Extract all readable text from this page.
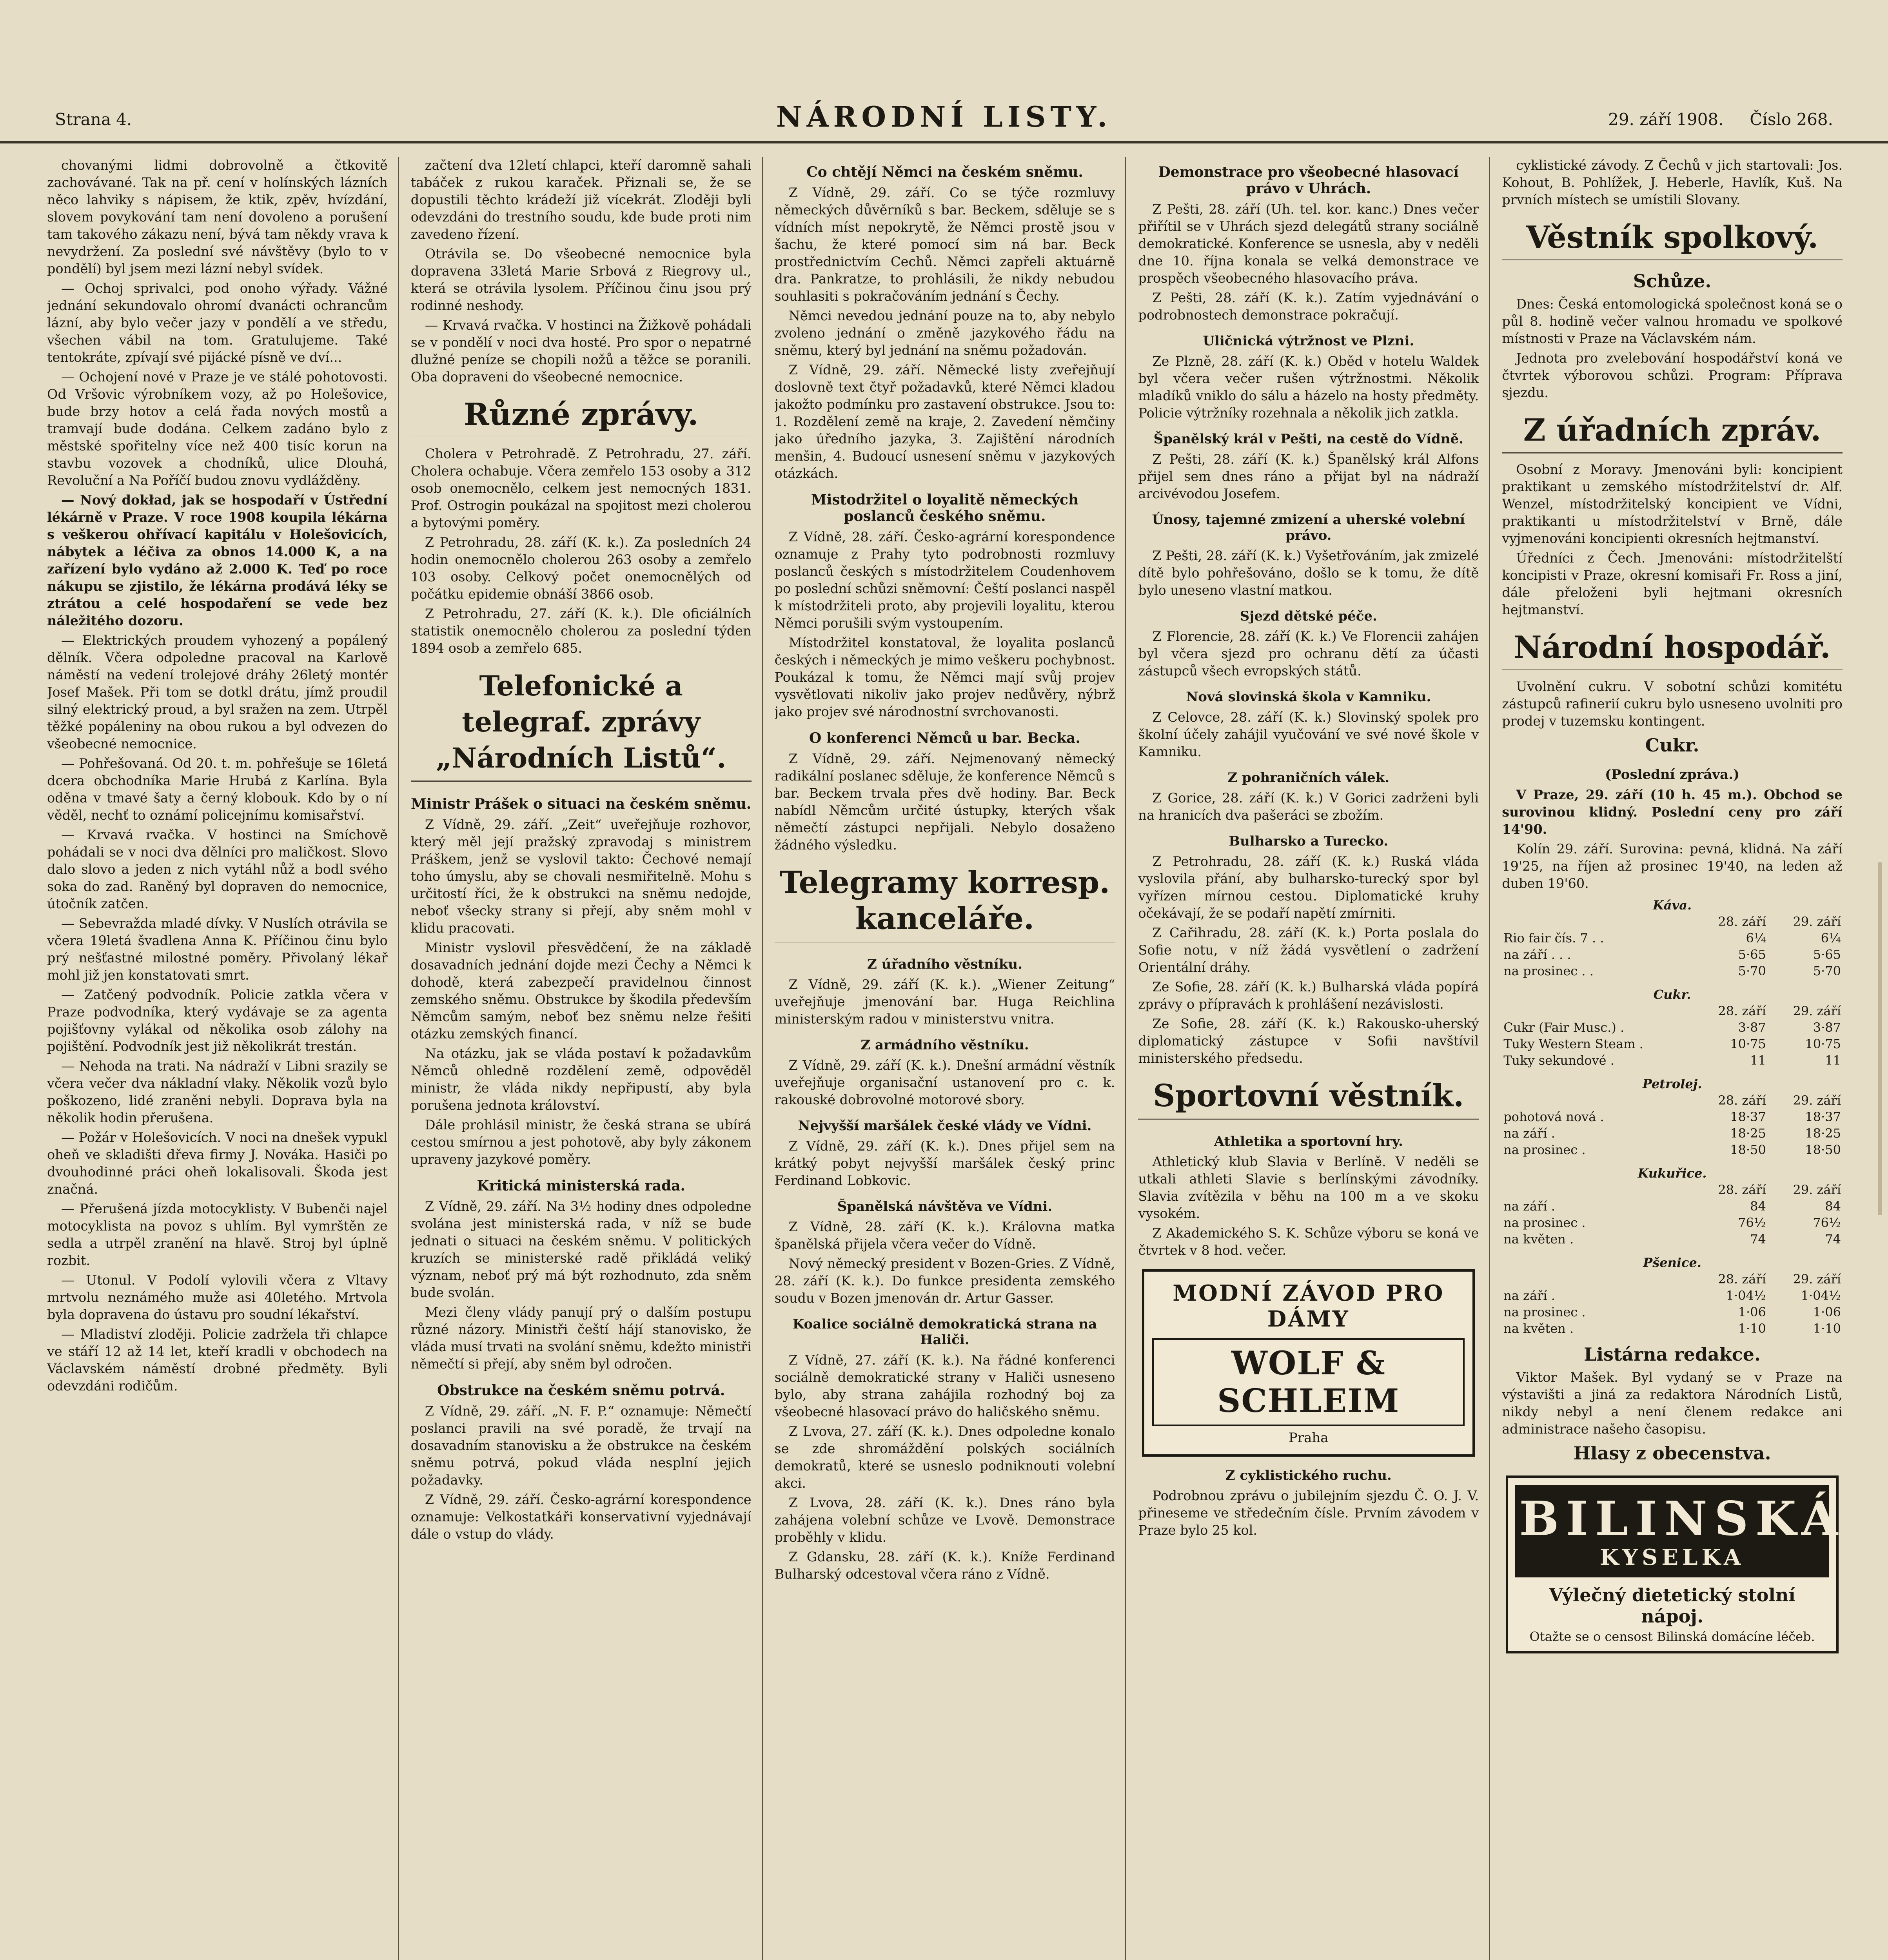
Strana 4.	NÁRODNÍ LISTY.	29. září 1908. Číslo 268.

chovanými lidmi dobrovolně a čtkovitě zachovávané. Tak na př. cení v holínských lázních něco lahviky s nápisem, že ktik, zpěv, hvízdání, slovem povykování tam není dovoleno a porušení tam takového zákazu není, bývá tam někdy vrava k nevydržení. Za poslední své návštěvy (bylo to v pondělí) byl jsem mezi lázní nebyl svídek.

— Ochoj sprivalci, pod onoho výřady. Vážné jednání sekundovalo ohromí dvanácti ochrancům lázní, aby bylo večer jazy v pondělí a ve středu, všechen vábil na tom. Gratulujeme. Také tentokráte, zpívají své pijácké písně ve dví...

— Ochojení nové v Praze je ve stálé pohotovosti. Od Vršovic výrobníkem vozy, až po Holešovice, bude brzy hotov a celá řada nových mostů a tramvají bude dodána. Celkem zadáno bylo z městské spořitelny více než 400 tisíc korun na stavbu vozovek a chodníků, ulice Dlouhá, Revoluční a Na Poříčí budou znovu vydlážděny.

— Nový dokład, jak se hospodaří v Ústřední lékárně v Praze. V roce 1908 koupila lékárna s veškerou ohřívací kapitálu v Holešovicích, nábytek a léčiva za obnos 14.000 K, a na zařízení bylo vydáno až 2.000 K. Teď po roce nákupu se zjistilo, že lékárna prodává léky se ztrátou a celé hospodaření se vede bez náležitého dozoru.

— Elektrických proudem vyhozený a popálený dělník. Včera odpoledne pracoval na Karlově náměstí na vedení trolejové dráhy 26letý montér Josef Mašek. Při tom se dotkl drátu, jímž proudil silný elektrický proud, a byl sražen na zem. Utrpěl těžké popáleniny na obou rukou a byl odvezen do všeobecné nemocnice.

— Pohřešovaná. Od 20. t. m. pohřešuje se 16letá dcera obchodníka Marie Hrubá z Karlína. Byla oděna v tmavé šaty a černý klobouk. Kdo by o ní věděl, nechť to oznámí policejnímu komisařství.

— Krvavá rvačka. V hostinci na Smíchově pohádali se v noci dva dělníci pro maličkost. Slovo dalo slovo a jeden z nich vytáhl nůž a bodl svého soka do zad. Raněný byl dopraven do nemocnice, útočník zatčen.

— Sebevražda mladé dívky. V Nuslích otrávila se včera 19letá švadlena Anna K. Příčinou činu bylo prý nešťastné milostné poměry. Přivolaný lékař mohl již jen konstatovati smrt.

— Zatčený podvodník. Policie zatkla včera v Praze podvodníka, který vydávaje se za agenta pojišťovny vylákal od několika osob zálohy na pojištění. Podvodník jest již několikrát trestán.

— Nehoda na trati. Na nádraží v Libni srazily se včera večer dva nákladní vlaky. Několik vozů bylo poškozeno, lidé zraněni nebyli. Doprava byla na několik hodin přerušena.

— Požár v Holešovicích. V noci na dnešek vypukl oheň ve skladišti dřeva firmy J. Nováka. Hasiči po dvouhodinné práci oheň lokalisovali. Škoda jest značná.

— Přerušená jízda motocyklisty. V Bubenči najel motocyklista na povoz s uhlím. Byl vymrštěn ze sedla a utrpěl zranění na hlavě. Stroj byl úplně rozbit.

— Utonul. V Podolí vylovili včera z Vltavy mrtvolu neznámého muže asi 40letého. Mrtvola byla dopravena do ústavu pro soudní lékařství.

— Mladiství zloději. Policie zadržela tři chlapce ve stáří 12 až 14 let, kteří kradli v obchodech na Václavském náměstí drobné předměty. Byli odevzdáni rodičům.

začtení dva 12letí chlapci, kteří daromně sahali tabáček z rukou karaček. Přiznali se, že se dopustili těchto krádeží již vícekrát. Zloději byli odevzdáni do trestního soudu, kde bude proti nim zavedeno řízení.

Otrávila se. Do všeobecné nemocnice byla dopravena 33letá Marie Srbová z Riegrovy ul., která se otrávila lysolem. Příčinou činu jsou prý rodinné neshody.

— Krvavá rvačka. V hostinci na Žižkově pohádali se v pondělí v noci dva hosté. Pro spor o nepatrné dlužné peníze se chopili nožů a těžce se poranili. Oba dopraveni do všeobecné nemocnice.

Různé zprávy.

Cholera v Petrohradě. Z Petrohradu, 27. září. Cholera ochabuje. Včera zemřelo 153 osoby a 312 osob onemocnělo, celkem jest nemocných 1831. Prof. Ostrogin poukázal na spojitost mezi cholerou a bytovými poměry.

Z Petrohradu, 28. září (K. k.). Za posledních 24 hodin onemocnělo cholerou 263 osoby a zemřelo 103 osoby. Celkový počet onemocnělých od počátku epidemie obnáší 3866 osob.

Z Petrohradu, 27. září (K. k.). Dle oficiálních statistik onemocnělo cholerou za poslední týden 1894 osob a zemřelo 685.

Telefonické a telegraf. zprávy „Národních Listů“.
Ministr Prášek o situaci na českém sněmu.

Z Vídně, 29. září. „Zeit“ uveřejňuje rozhovor, který měl její pražský zpravodaj s ministrem Práškem, jenž se vyslovil takto: Čechové nemají toho úmyslu, aby se chovali nesmiřitelně. Mohu s určitostí říci, že k obstrukci na sněmu nedojde, neboť všecky strany si přejí, aby sněm mohl v klidu pracovati.

Ministr vyslovil přesvědčení, že na základě dosavadních jednání dojde mezi Čechy a Němci k dohodě, která zabezpečí pravidelnou činnost zemského sněmu. Obstrukce by škodila především Němcům samým, neboť bez sněmu nelze řešiti otázku zemských financí.

Na otázku, jak se vláda postaví k požadavkům Němců ohledně rozdělení země, odpověděl ministr, že vláda nikdy nepřipustí, aby byla porušena jednota království.

Dále prohlásil ministr, že česká strana se ubírá cestou smírnou a jest pohotově, aby byly zákonem upraveny jazykové poměry.

Kritická ministerská rada.

Z Vídně, 29. září. Na 3½ hodiny dnes odpoledne svolána jest ministerská rada, v níž se bude jednati o situaci na českém sněmu. V politických kruzích se ministerské radě přikládá veliký význam, neboť prý má být rozhodnuto, zda sněm bude svolán.

Mezi členy vlády panují prý o dalším postupu různé názory. Ministři čeští hájí stanovisko, že vláda musí trvati na svolání sněmu, kdežto ministři němečtí si přejí, aby sněm byl odročen.

Obstrukce na českém sněmu potrvá.

Z Vídně, 29. září. „N. F. P.“ oznamuje: Němečtí poslanci pravili na své poradě, že trvají na dosavadním stanovisku a že obstrukce na českém sněmu potrvá, pokud vláda nesplní jejich požadavky.

Z Vídně, 29. září. Česko-agrární korespondence oznamuje: Velkostatkáři konservativní vyjednávají dále o vstup do vlády.

Co chtějí Němci na českém sněmu.

Z Vídně, 29. září. Co se týče rozmluvy německých důvěrníků s bar. Beckem, sděluje se s vídních míst nepokrytě, že Němci prostě jsou v šachu, že které pomocí sim ná bar. Beck prostřednictvím Cechů. Němci zapřeli aktuárně dra. Pankratze, to prohlásili, že nikdy nebudou souhlasiti s pokračováním jednání s Čechy.

Němci nevedou jednání pouze na to, aby nebylo zvoleno jednání o změně jazykového řádu na sněmu, který byl jednání na sněmu požadován.

Z Vídně, 29. září. Německé listy zveřejňují doslovně text čtyř požadavků, které Němci kladou jakožto podmínku pro zastavení obstrukce. Jsou to: 1. Rozdělení země na kraje, 2. Zavedení němčiny jako úředního jazyka, 3. Zajištění národních menšin, 4. Budoucí usnesení sněmu v jazykových otázkách.

Mistodržitel o loyalitě německých poslanců českého sněmu.

Z Vídně, 28. září. Česko-agrární korespondence oznamuje z Prahy tyto podrobnosti rozmluvy poslanců českých s místodržitelem Coudenhovem po poslední schůzi sněmovní: Čeští poslanci naspěl k místodržiteli proto, aby projevili loyalitu, kterou Němci porušili svým vystoupením.

Místodržitel konstatoval, že loyalita poslanců českých i německých je mimo veškeru pochybnost. Poukázal k tomu, že Němci mají svůj projev vysvětlovati nikoliv jako projev nedůvěry, nýbrž jako projev své národnostní svrchovanosti.

O konferenci Němců u bar. Becka.

Z Vídně, 29. září. Nejmenovaný německý radikální poslanec sděluje, že konference Němců s bar. Beckem trvala přes dvě hodiny. Bar. Beck nabídl Němcům určité ústupky, kterých však němečtí zástupci nepřijali. Nebylo dosaženo žádného výsledku.

Telegramy korresp. kanceláře.
Z úřadního věstníku.

Z Vídně, 29. září (K. k.). „Wiener Zeitung“ uveřejňuje jmenování bar. Huga Reichlina ministerským radou v ministerstvu vnitra.

Z armádního věstníku.

Z Vídně, 29. září (K. k.). Dnešní armádní věstník uveřejňuje organisační ustanovení pro c. k. rakouské dobrovolné motorové sbory.

Nejvyšší maršálek české vlády ve Vídni.

Z Vídně, 29. září (K. k.). Dnes přijel sem na krátký pobyt nejvyšší maršálek český princ Ferdinand Lobkovic.

Španělská návštěva ve Vídni.

Z Vídně, 28. září (K. k.). Královna matka španělská přijela včera večer do Vídně.

Nový německý president v Bozen-Gries. Z Vídně, 28. září (K. k.). Do funkce presidenta zemského soudu v Bozen jmenován dr. Artur Gasser.

Koalice sociálně demokratická strana na Haliči.

Z Vídně, 27. září (K. k.). Na řádné konferenci sociálně demokratické strany v Haliči usneseno bylo, aby strana zahájila rozhodný boj za všeobecné hlasovací právo do haličského sněmu.

Z Lvova, 27. září (K. k.). Dnes odpoledne konalo se zde shromáždění polských sociálních demokratů, které se usneslo podniknouti volební akci.

Z Lvova, 28. září (K. k.). Dnes ráno byla zahájena volební schůze ve Lvově. Demonstrace proběhly v klidu.

Z Gdansku, 28. září (K. k.). Kníže Ferdinand Bulharský odcestoval včera ráno z Vídně.

Demonstrace pro všeobecné hlasovací právo v Uhrách.

Z Pešti, 28. září (Uh. tel. kor. kanc.) Dnes večer přiřítil se v Uhrách sjezd delegátů strany sociálně demokratické. Konference se usnesla, aby v neděli dne 10. října konala se velká demonstrace ve prospěch všeobecného hlasovacího práva.

Z Pešti, 28. září (K. k.). Zatím vyjednávání o podrobnostech demonstrace pokračují.

Uličnická výtržnost ve Plzni.

Ze Plzně, 28. září (K. k.) Oběd v hotelu Waldek byl včera večer rušen výtržnostmi. Několik mladíků vniklo do sálu a házelo na hosty předměty. Policie výtržníky rozehnala a několik jich zatkla.

Španělský král v Pešti, na cestě do Vídně.

Z Pešti, 28. září (K. k.) Španělský král Alfons přijel sem dnes ráno a přijat byl na nádraží arcivévodou Josefem.

Únosy, tajemné zmizení a uherské volební právo.

Z Pešti, 28. září (K. k.) Vyšetřováním, jak zmizelé dítě bylo pohřešováno, došlo se k tomu, že dítě bylo uneseno vlastní matkou.

Sjezd dětské péče.

Z Florencie, 28. září (K. k.) Ve Florencii zahájen byl včera sjezd pro ochranu dětí za účasti zástupců všech evropských států.

Nová slovinská škola v Kamniku.

Z Celovce, 28. září (K. k.) Slovinský spolek pro školní účely zahájil vyučování ve své nové škole v Kamniku.

Z pohraničních válek.

Z Gorice, 28. září (K. k.) V Gorici zadrženi byli na hranicích dva pašeráci se zbožím.

Bulharsko a Turecko.

Z Petrohradu, 28. září (K. k.) Ruská vláda vyslovila přání, aby bulharsko-turecký spor byl vyřízen mírnou cestou. Diplomatické kruhy očekávají, že se podaří napětí zmírniti.

Z Cařihradu, 28. září (K. k.) Porta poslala do Sofie notu, v níž žádá vysvětlení o zadržení Orientální dráhy.

Ze Sofie, 28. září (K. k.) Bulharská vláda popírá zprávy o přípravách k prohlášení nezávislosti.

Ze Sofie, 28. září (K. k.) Rakousko-uherský diplomatický zástupce v Sofii navštívil ministerského předsedu.

Sportovní věstník.
Athletika a sportovní hry.

Athletický klub Slavia v Berlíně. V neděli se utkali athleti Slavie s berlínskými závodníky. Slavia zvítězila v běhu na 100 m a ve skoku vysokém.

Z Akademického S. K. Schůze výboru se koná ve čtvrtek v 8 hod. večer.

MODNÍ ZÁVOD PRO DÁMY
WOLF & SCHLEIM
Praha
Z cyklistického ruchu.

Podrobnou zprávu o jubilejním sjezdu Č. O. J. V. přineseme ve středečním čísle. Prvním závodem v Praze bylo 25 kol.

cyklistické závody. Z Čechů v jich startovali: Jos. Kohout, B. Pohlížek, J. Heberle, Havlík, Kuš. Na prvních místech se umístili Slovany.

Věstník spolkový.
Schůze.

Dnes: Česká entomologická společnost koná se o půl 8. hodině večer valnou hromadu ve spolkové místnosti v Praze na Václavském nám.

Jednota pro zvelebování hospodářství koná ve čtvrtek výborovou schůzi. Program: Příprava sjezdu.

Z úřadních zpráv.

Osobní z Moravy. Jmenováni byli: koncipient praktikant u zemského místodržitelství dr. Alf. Wenzel, místodržitelský koncipient ve Vídni, praktikanti u místodržitelství v Brně, dále vyjmenováni koncipienti okresních hejtmanství.

Úředníci z Čech. Jmenováni: místodržitelští koncipisti v Praze, okresní komisaři Fr. Ross a jiní, dále přeloženi byli hejtmani okresních hejtmanství.

Národní hospodář.

Uvolnění cukru. V sobotní schůzi komitétu zástupců rafinerií cukru bylo usneseno uvolniti pro prodej v tuzemsku kontingent.

Cukr.
(Poslední zpráva.)

V Praze, 29. září (10 h. 45 m.). Obchod se surovinou klidný. Poslední ceny pro září 14'90.

Kolín 29. září. Surovina: pevná, klidná. Na září 19'25, na říjen až prosinec 19'40, na leden až duben 19'60.

Káva.		
	28. září	29. září
Rio fair čís. 7 . .	6¼	6¼
na září . . .	5·65	5·65
na prosinec . .	5·70	5·70
Cukr.		
	28. září	29. září
Cukr (Fair Musc.) .	3·87	3·87
Tuky Western Steam .	10·75	10·75
Tuky sekundové .	11	11
Petrolej.		
	28. září	29. září
pohotová nová .	18·37	18·37
na září .	18·25	18·25
na prosinec .	18·50	18·50
Kukuřice.		
	28. září	29. září
na září .	84	84
na prosinec .	76½	76½
na květen .	74	74
Pšenice.		
	28. září	29. září
na září .	1·04½	1·04½
na prosinec .	1·06	1·06
na květen .	1·10	1·10
Listárna redakce.

Viktor Mašek. Byl vydaný se v Praze na výstavišti a jiná za redaktora Národních Listů, nikdy nebyl a není členem redakce ani administrace našeho časopisu.

Hlasy z obecenstva.
BILINSKÁ
KYSELKA
Výlečný dietetický stolní nápoj.
Otažte se o censost Bilinská domácíne léčeb.
